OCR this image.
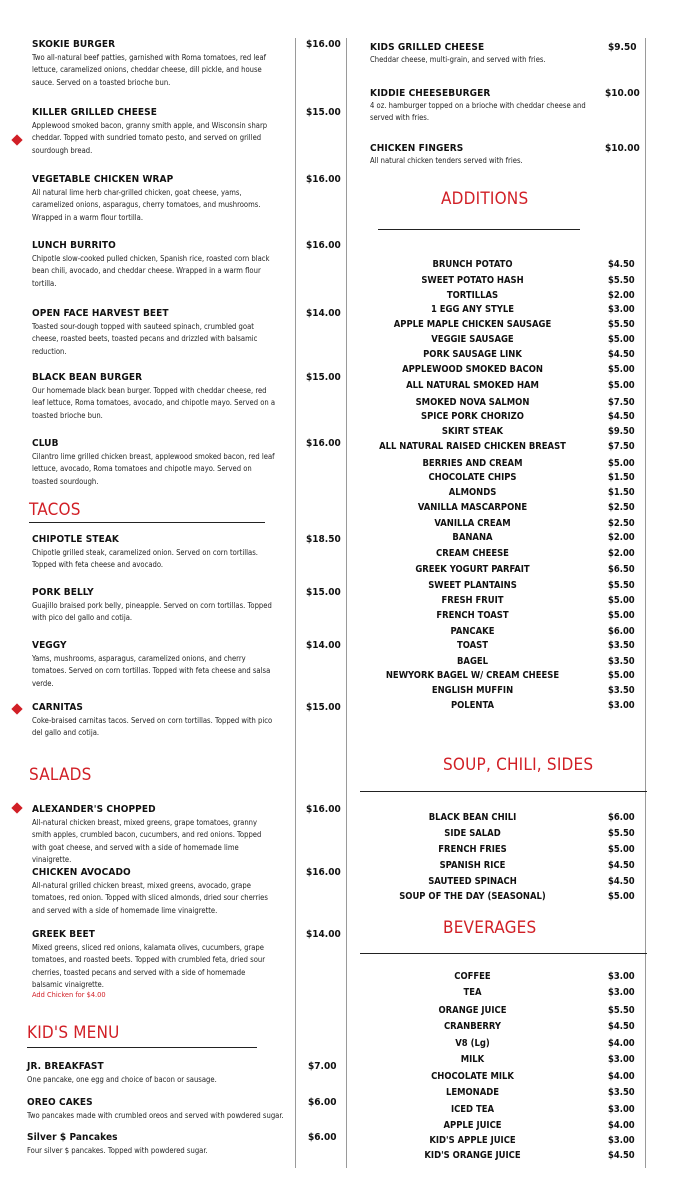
SKOKIE BURGER	$16.00
Two all-natural beef patties, garnished with Roma tomatoes, red leaf lettuce, caramelized onions, cheddar cheese, dill pickle, and house sauce. Served on a toasted brioche bun.
KILLER GRILLED CHEESE	$15.00
Applewood smoked bacon, granny smith apple, and Wisconsin sharp cheddar. Topped with sundried tomato pesto, and served on grilled sourdough bread.
VEGETABLE CHICKEN WRAP	$16.00
All natural lime herb char-grilled chicken, goat cheese, yams, caramelized onions, asparagus, cherry tomatoes, and mushrooms. Wrapped in a warm flour tortilla.
LUNCH BURRITO	$16.00
Chipotle slow-cooked pulled chicken, Spanish rice, roasted corn black bean chili, avocado, and cheddar cheese. Wrapped in a warm flour tortilla.
OPEN FACE HARVEST BEET	$14.00
Toasted sour-dough topped with sauteed spinach, crumbled goat cheese, roasted beets, toasted pecans and drizzled with balsamic reduction.
BLACK BEAN BURGER	$15.00
Our homemade black bean burger. Topped with cheddar cheese, red leaf lettuce, Roma tomatoes, avocado, and chipotle mayo. Served on a toasted brioche bun.
CLUB	$16.00
Cilantro lime grilled chicken breast, applewood smoked bacon, red leaf lettuce, avocado, Roma tomatoes and chipotle mayo. Served on toasted sourdough.
TACOS
CHIPOTLE STEAK	$18.50
Chipotle grilled steak, caramelized onion. Served on corn tortillas. Topped with feta cheese and avocado.
PORK BELLY	$15.00
Guajillo braised pork belly, pineapple. Served on corn tortillas. Topped with pico del gallo and cotija.
VEGGY	$14.00
Yams, mushrooms, asparagus, caramelized onions, and cherry tomatoes. Served on corn tortillas. Topped with feta cheese and salsa verde.
CARNITAS	$15.00
Coke-braised carnitas tacos. Served on corn tortillas. Topped with pico del gallo and cotija.
SALADS
ALEXANDER'S CHOPPED	$16.00
All-natural chicken breast, mixed greens, grape tomatoes, granny smith apples, crumbled bacon, cucumbers, and red onions. Topped with goat cheese, and served with a side of homemade lime vinaigrette.
CHICKEN AVOCADO	$16.00
All-natural grilled chicken breast, mixed greens, avocado, grape tomatoes, red onion. Topped with sliced almonds, dried sour cherries and served with a side of homemade lime vinaigrette.
GREEK BEET	$14.00
Mixed greens, sliced red onions, kalamata olives, cucumbers, grape tomatoes, and roasted beets. Topped with crumbled feta, dried sour cherries, toasted pecans and served with a side of homemade balsamic vinaigrette.
Add Chicken for $4.00
KID'S MENU
JR. BREAKFAST	$7.00
One pancake, one egg and choice of bacon or sausage.
OREO CAKES	$6.00
Two pancakes made with crumbled oreos and served with powdered sugar.
Silver $ Pancakes	$6.00
Four silver $ pancakes. Topped with powdered sugar.
KIDS GRILLED CHEESE	$9.50
Cheddar cheese, multi-grain, and served with fries.
KIDDIE CHEESEBURGER	$10.00
4 oz. hamburger topped on a brioche with cheddar cheese and served with fries.
CHICKEN FINGERS	$10.00
All natural chicken tenders served with fries.
ADDITIONS
BRUNCH POTATO	$4.50
SWEET POTATO HASH	$5.50
TORTILLAS	$2.00
1 EGG ANY STYLE	$3.00
APPLE MAPLE CHICKEN SAUSAGE	$5.50
VEGGIE SAUSAGE	$5.00
PORK SAUSAGE LINK	$4.50
APPLEWOOD SMOKED BACON	$5.00
ALL NATURAL SMOKED HAM	$5.00
SMOKED NOVA SALMON	$7.50
SPICE PORK CHORIZO	$4.50
SKIRT STEAK	$9.50
ALL NATURAL RAISED CHICKEN BREAST	$7.50
BERRIES AND CREAM	$5.00
CHOCOLATE CHIPS	$1.50
ALMONDS	$1.50
VANILLA MASCARPONE	$2.50
VANILLA CREAM	$2.50
BANANA	$2.00
CREAM CHEESE	$2.00
GREEK YOGURT PARFAIT	$6.50
SWEET PLANTAINS	$5.50
FRESH FRUIT	$5.00
FRENCH TOAST	$5.00
PANCAKE	$6.00
TOAST	$3.50
BAGEL	$3.50
NEWYORK BAGEL W/ CREAM CHEESE	$5.00
ENGLISH MUFFIN	$3.50
POLENTA	$3.00
SOUP, CHILI, SIDES
BLACK BEAN CHILI	$6.00
SIDE SALAD	$5.50
FRENCH FRIES	$5.00
SPANISH RICE	$4.50
SAUTEED SPINACH	$4.50
SOUP OF THE DAY (SEASONAL)	$5.00
BEVERAGES
COFFEE	$3.00
TEA	$3.00
ORANGE JUICE	$5.50
CRANBERRY	$4.50
V8 (Lg)	$4.00
MILK	$3.00
CHOCOLATE MILK	$4.00
LEMONADE	$3.50
ICED TEA	$3.00
APPLE JUICE	$4.00
KID'S APPLE JUICE	$3.00
KID'S ORANGE JUICE	$4.50
